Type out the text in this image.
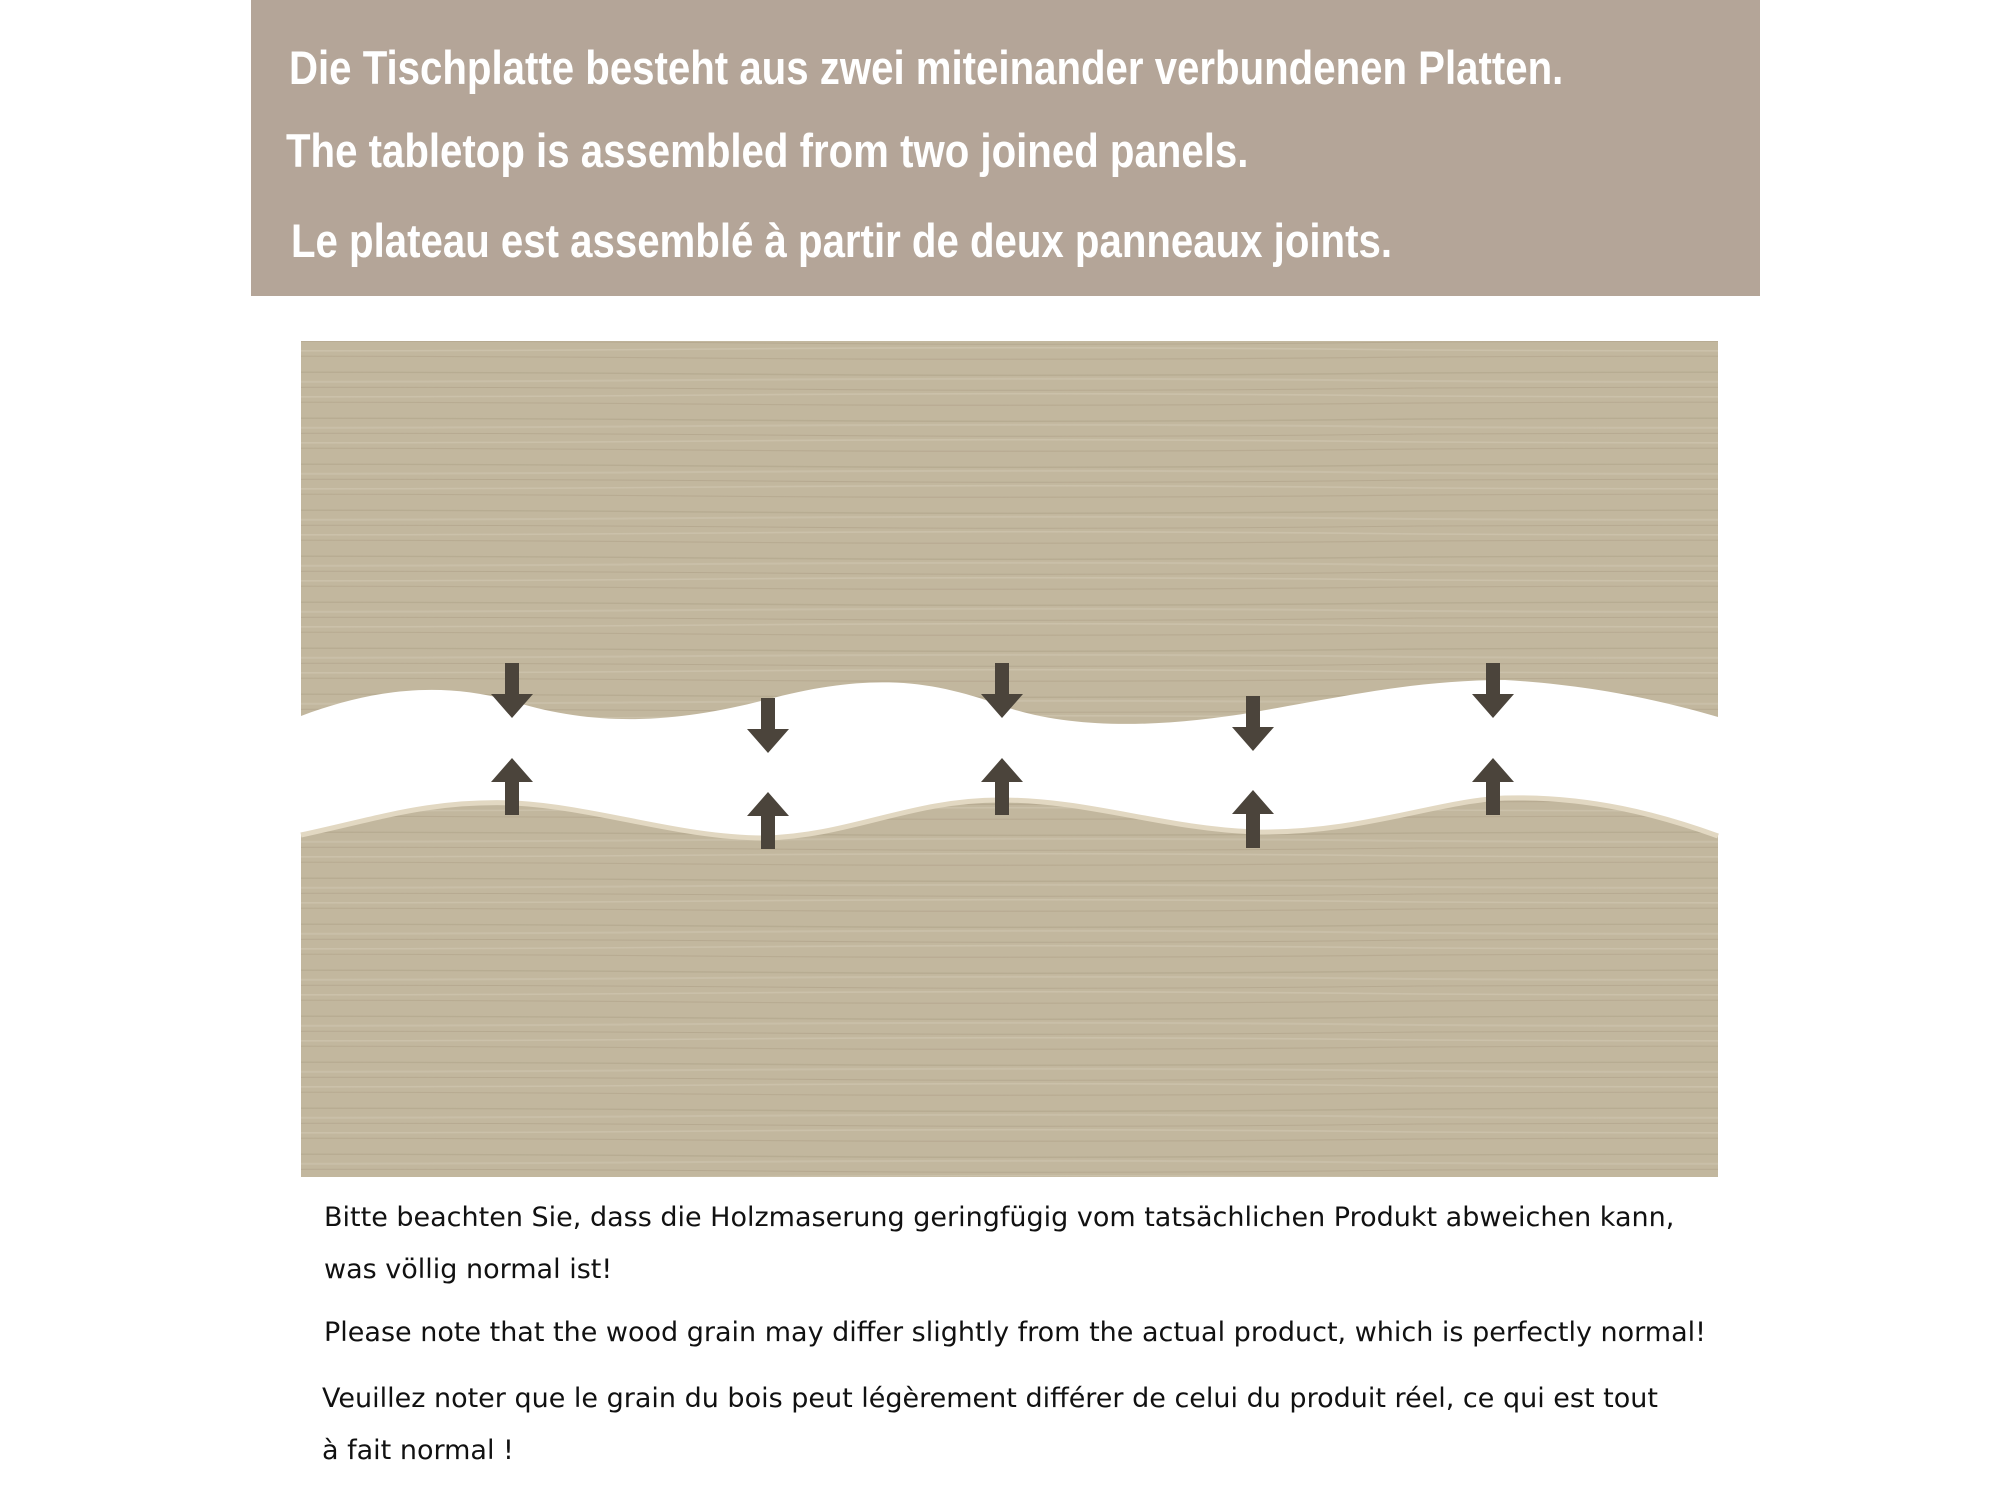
Die Tischplatte besteht aus zwei miteinander verbundenen Platten.

The tabletop is assembled from two joined panels.

Le plateau est assemblé à partir de deux panneaux joints.

Bitte beachten Sie, dass die Holzmaserung geringfügig vom tatsächlichen Produkt abweichen kann,
was völlig normal ist!

Please note that the wood grain may differ slightly from the actual product, which is perfectly normal!

Veuillez noter que le grain du bois peut légèrement différer de celui du produit réel, ce qui est tout
à fait normal !
